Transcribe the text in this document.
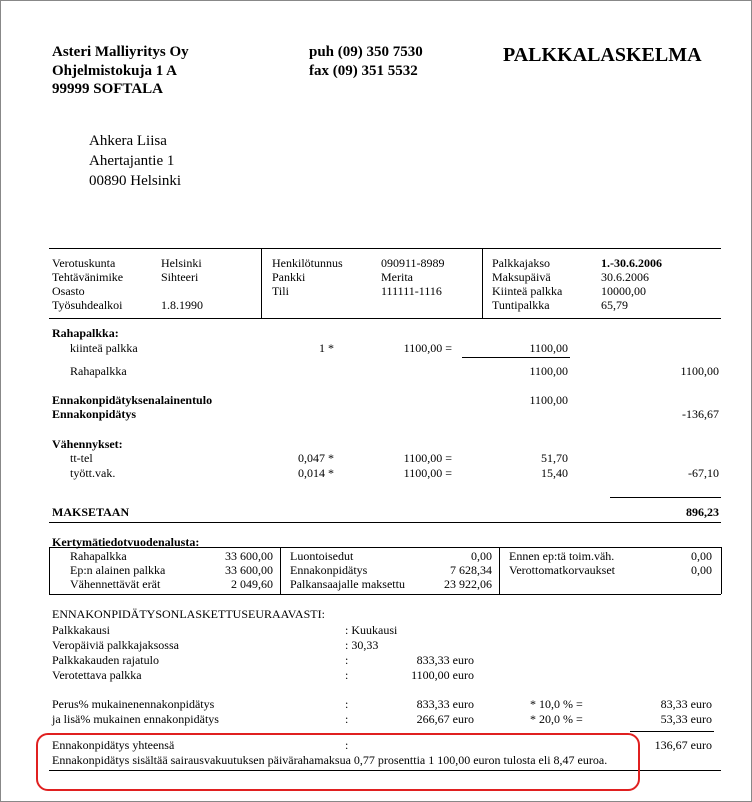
Asteri Malliyritys Oy
Ohjelmistokuja 1 A
99999 SOFTALA
puh (09) 350 7530
fax (09) 351 5532
PALKKALASKELMA
Ahkera Liisa
Ahertajantie 1
00890 Helsinki
Verotuskunta	Helsinki
Tehtävänimike	Sihteeri
Osasto
Työsuhdealkoi	1.8.1990
Henkilötunnus	090911-8989
Pankki	Merita
Tili	111111-1116
Palkkajakso	1.-30.6.2006
Maksupäivä	30.6.2006
Kiinteä palkka	10000,00
Tuntipalkka	65,79
Rahapalkka:
kiinteä palkka	1 *	1100,00 =	1100,00
Rahapalkka	1100,00	1100,00
Ennakonpidätyksenalainentulo	1100,00
Ennakonpidätys	-136,67
Vähennykset:
tt-tel	0,047 *	1100,00 =	51,70
tyött.vak.	0,014 *	1100,00 =	15,40	-67,10
MAKSETAAN	896,23
Kertymätiedotvuodenalusta:
Rahapalkka	33 600,00
Ep:n alainen palkka	33 600,00
Vähennettävät erät	2 049,60
Luontoisedut	0,00
Ennakonpidätys	7 628,34
Palkansaajalle maksettu	23 922,06
Ennen ep:tä toim.väh.	0,00
Verottomatkorvaukset	0,00
ENNAKONPIDÄTYSONLASKETTUSEURAAVASTI:
Palkkakausi	: Kuukausi
Veropäiviä palkkajaksossa	: 30,33
Palkkakauden rajatulo	:	833,33 euro
Verotettava palkka	:	1100,00 euro
Perus% mukainenennakonpidätys	:	833,33 euro	* 10,0 % =	83,33 euro
ja lisä% mukainen ennakonpidätys	:	266,67 euro	* 20,0 % =	53,33 euro
Ennakonpidätys yhteensä	:	136,67 euro
Ennakonpidätys sisältää sairausvakuutuksen päivärahamaksua 0,77 prosenttia 1 100,00 euron tulosta eli 8,47 euroa.
